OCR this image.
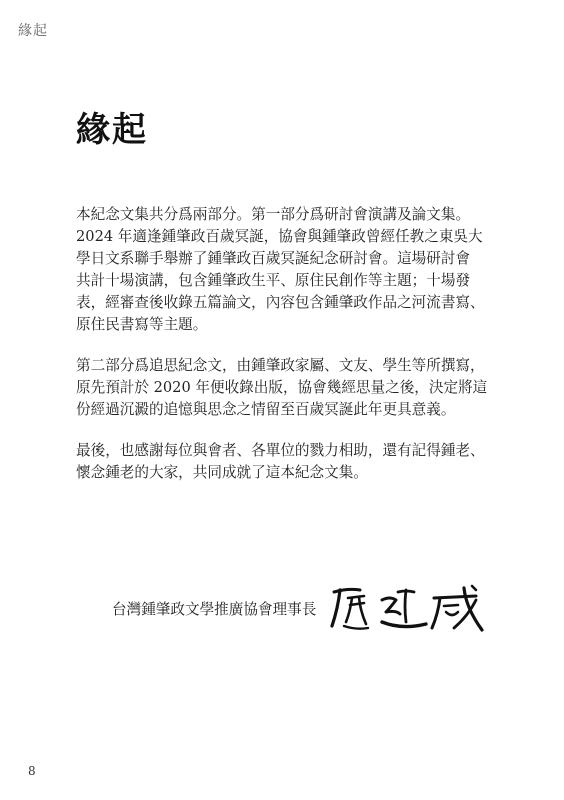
緣起
緣起

本紀念文集共分爲兩部分。第一部分爲研討會演講及論文集。
2024 年適逢鍾肇政百歲冥誕，協會與鍾肇政曾經任教之東吳大
學日文系聯手舉辦了鍾肇政百歲冥誕紀念研討會。這場研討會
共計十場演講，包含鍾肇政生平、原住民創作等主題；十場發
表，經審查後收錄五篇論文，內容包含鍾肇政作品之河流書寫、
原住民書寫等主題。

第二部分爲追思紀念文，由鍾肇政家屬、文友、學生等所撰寫，
原先預計於 2020 年便收錄出版，協會幾經思量之後，決定將這
份經過沉澱的追憶與思念之情留至百歲冥誕此年更具意義。

最後，也感謝每位與會者、各單位的戮力相助，還有記得鍾老、
懷念鍾老的大家，共同成就了這本紀念文集。

台灣鍾肇政文學推廣協會理事長
8
